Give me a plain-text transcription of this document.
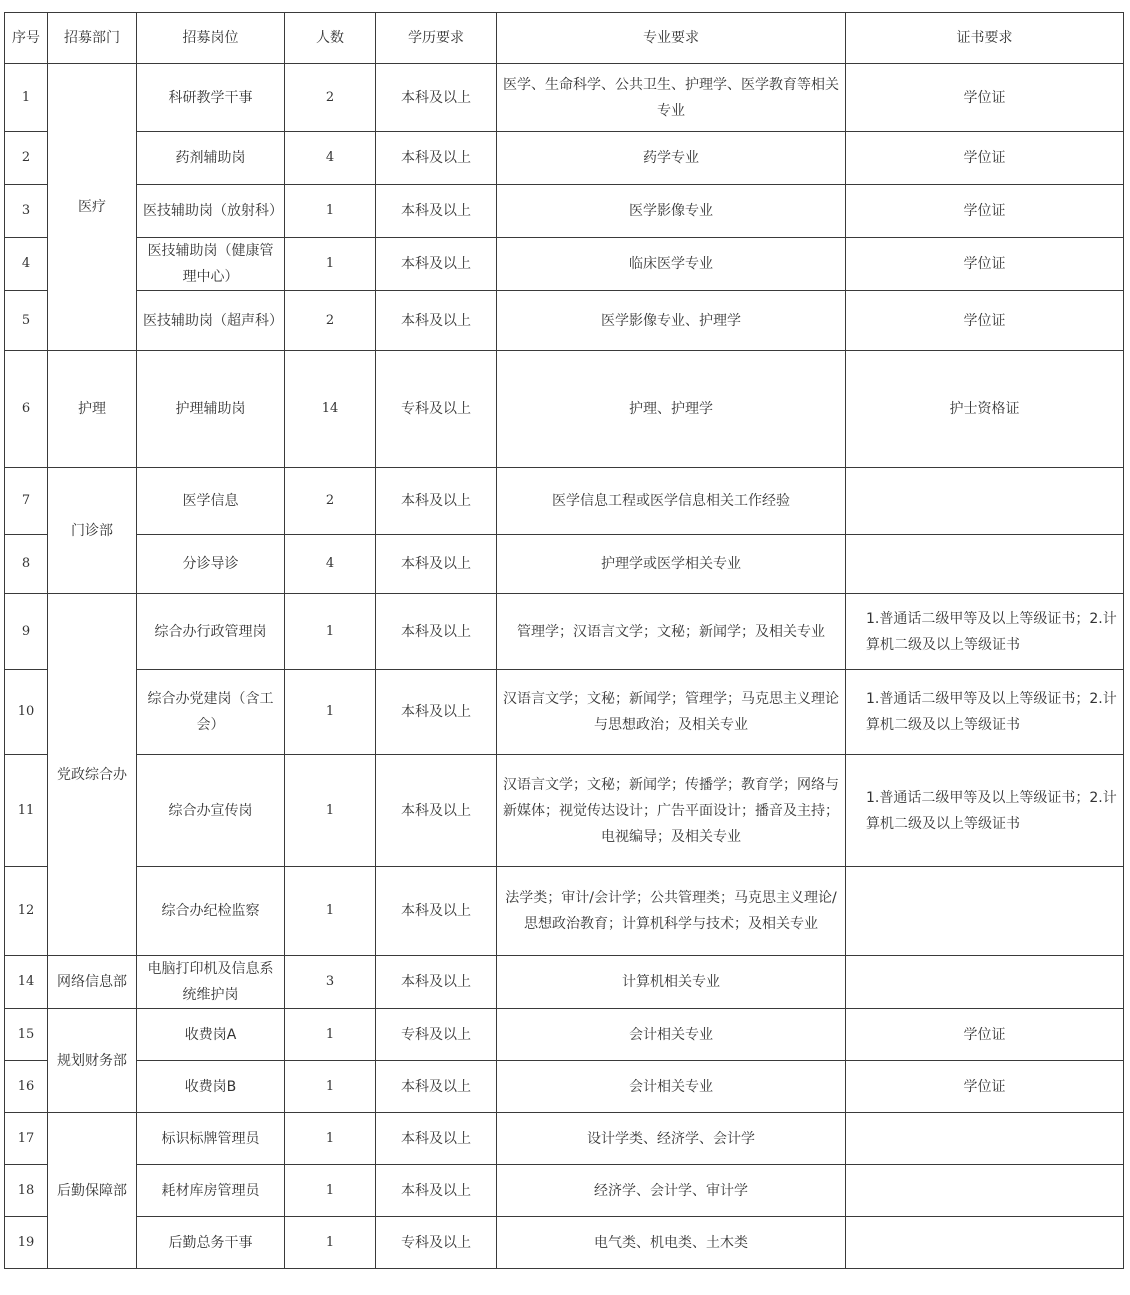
序号	招募部门	招募岗位	人数	学历要求	专业要求	证书要求
1	医疗	科研教学干事	2	本科及以上	医学、生命科学、公共卫生、护理学、医学教育等相关专业	学位证
2		药剂辅助岗	4	本科及以上	药学专业	学位证
3		医技辅助岗（放射科）	1	本科及以上	医学影像专业	学位证
4		医技辅助岗（健康管理中心）	1	本科及以上	临床医学专业	学位证
5		医技辅助岗（超声科）	2	本科及以上	医学影像专业、护理学	学位证
6	护理	护理辅助岗	14	专科及以上	护理、护理学	护士资格证
7	门诊部	医学信息	2	本科及以上	医学信息工程或医学信息相关工作经验	
8		分诊导诊	4	本科及以上	护理学或医学相关专业	
9	党政综合办	综合办行政管理岗	1	本科及以上	管理学；汉语言文学；文秘；新闻学；及相关专业	1.普通话二级甲等及以上等级证书；2.计算机二级及以上等级证书
10		综合办党建岗（含工会）	1	本科及以上	汉语言文学；文秘；新闻学；管理学；马克思主义理论与思想政治；及相关专业	1.普通话二级甲等及以上等级证书；2.计算机二级及以上等级证书
11		综合办宣传岗	1	本科及以上	汉语言文学；文秘；新闻学；传播学；教育学；网络与新媒体；视觉传达设计；广告平面设计；播音及主持；电视编导；及相关专业	1.普通话二级甲等及以上等级证书；2.计算机二级及以上等级证书
12		综合办纪检监察	1	本科及以上	法学类；审计/会计学；公共管理类；马克思主义理论/ 思想政治教育；计算机科学与技术；及相关专业	
14	网络信息部	电脑打印机及信息系统维护岗	3	本科及以上	计算机相关专业	
15	规划财务部	收费岗A	1	专科及以上	会计相关专业	学位证
16		收费岗B	1	本科及以上	会计相关专业	学位证
17	后勤保障部	标识标牌管理员	1	本科及以上	设计学类、经济学、会计学	
18		耗材库房管理员	1	本科及以上	经济学、会计学、审计学	
19		后勤总务干事	1	专科及以上	电气类、机电类、土木类	
